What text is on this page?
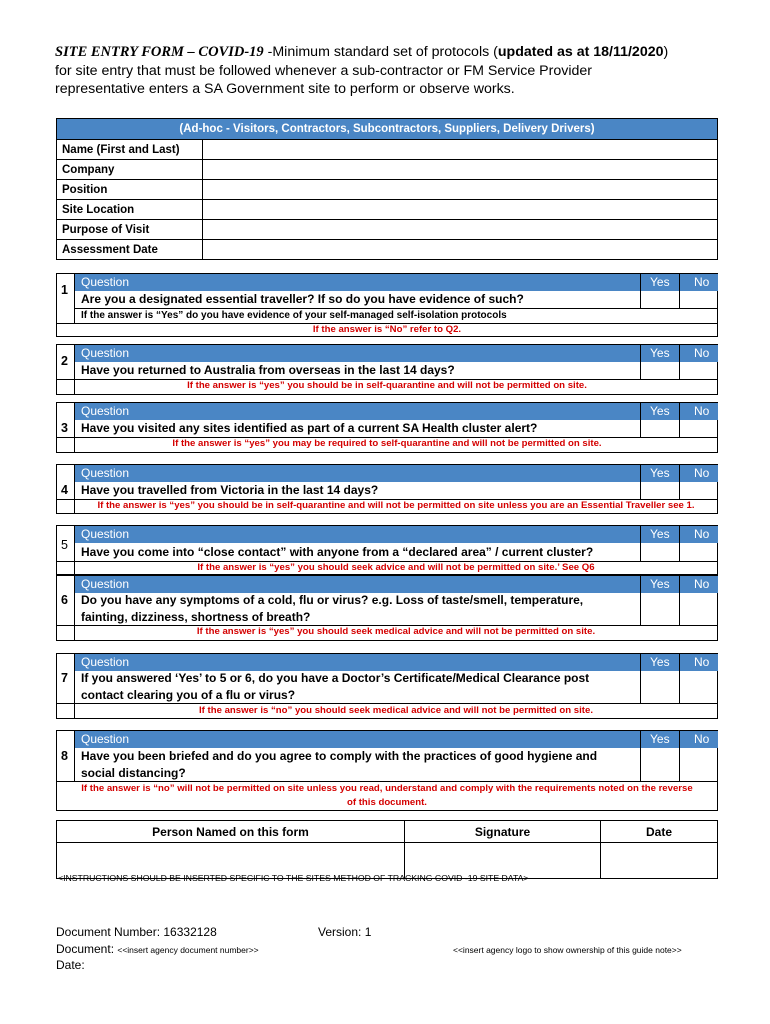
SITE ENTRY FORM – COVID-19 -Minimum standard set of protocols (updated as at 18/11/2020)
for site entry that must be followed whenever a sub-contractor or FM Service Provider
representative enters a SA Government site to perform or observe works.
(Ad-hoc - Visitors, Contractors, Subcontractors, Suppliers, Delivery Drivers)	
Name (First and Last)	
Company	
Position	
Site Location	
Purpose of Visit	
Assessment Date	
1
Question	Yes No
Are you a designated essential traveller? If so do you have evidence of such?
If the answer is “Yes” do you have evidence of your self-managed self-isolation protocols
If the answer is “No” refer to Q2.
2
Question	Yes No
Have you returned to Australia from overseas in the last 14 days?
If the answer is “yes” you should be in self-quarantine and will not be permitted on site.
3
Question	Yes No
Have you visited any sites identified as part of a current SA Health cluster alert?
If the answer is “yes” you may be required to self-quarantine and will not be permitted on site.
4
Question	Yes No
Have you travelled from Victoria in the last 14 days?
If the answer is “yes” you should be in self-quarantine and will not be permitted on site unless you are an Essential Traveller see 1.
5
Question	Yes No
Have you come into “close contact” with anyone from a “declared area” / current cluster?
If the answer is “yes” you should seek advice and will not be permitted on site.’ See Q6
6
Question	Yes No
Do you have any symptoms of a cold, flu or virus? e.g. Loss of taste/smell, temperature,
fainting, dizziness, shortness of breath?
If the answer is “yes” you should seek medical advice and will not be permitted on site.
7
Question	Yes No
If you answered ‘Yes’ to 5 or 6, do you have a Doctor’s Certificate/Medical Clearance post
contact clearing you of a flu or virus?
If the answer is “no” you should seek medical advice and will not be permitted on site.
8
Question	Yes No
Have you been briefed and do you agree to comply with the practices of good hygiene and
social distancing?
If the answer is “no” will not be permitted on site unless you read, understand and comply with the requirements noted on the reverse
of this document.
Person Named on this form	Signature	Date

<INSTRUCTIONS SHOULD BE INSERTED SPECIFIC TO THE SITES METHOD OF TRACKING COVID -19 SITE DATA>
Document Number: 16332128	Version: 1
Document: <<insert agency document number>>	<<insert agency logo to show ownership of this guide note>>
Date:
